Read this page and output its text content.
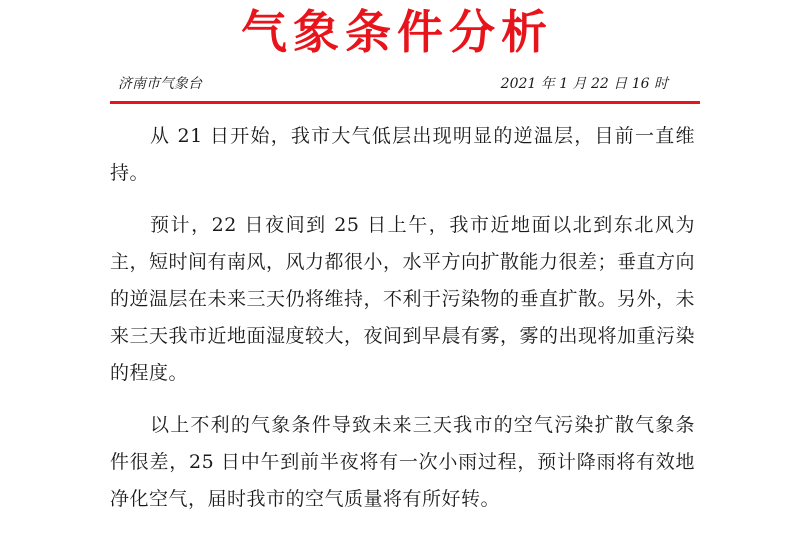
气象条件分析
济南市气象台	2021 年 1 月 22 日 16 时

从 21 日开始，我市大气低层出现明显的逆温层，目前一直维持。

预计，22 日夜间到 25 日上午，我市近地面以北到东北风为主，短时间有南风，风力都很小，水平方向扩散能力很差；垂直方向的逆温层在未来三天仍将维持，不利于污染物的垂直扩散。另外，未来三天我市近地面湿度较大，夜间到早晨有雾，雾的出现将加重污染的程度。

以上不利的气象条件导致未来三天我市的空气污染扩散气象条件很差，25 日中午到前半夜将有一次小雨过程，预计降雨将有效地净化空气，届时我市的空气质量将有所好转。
